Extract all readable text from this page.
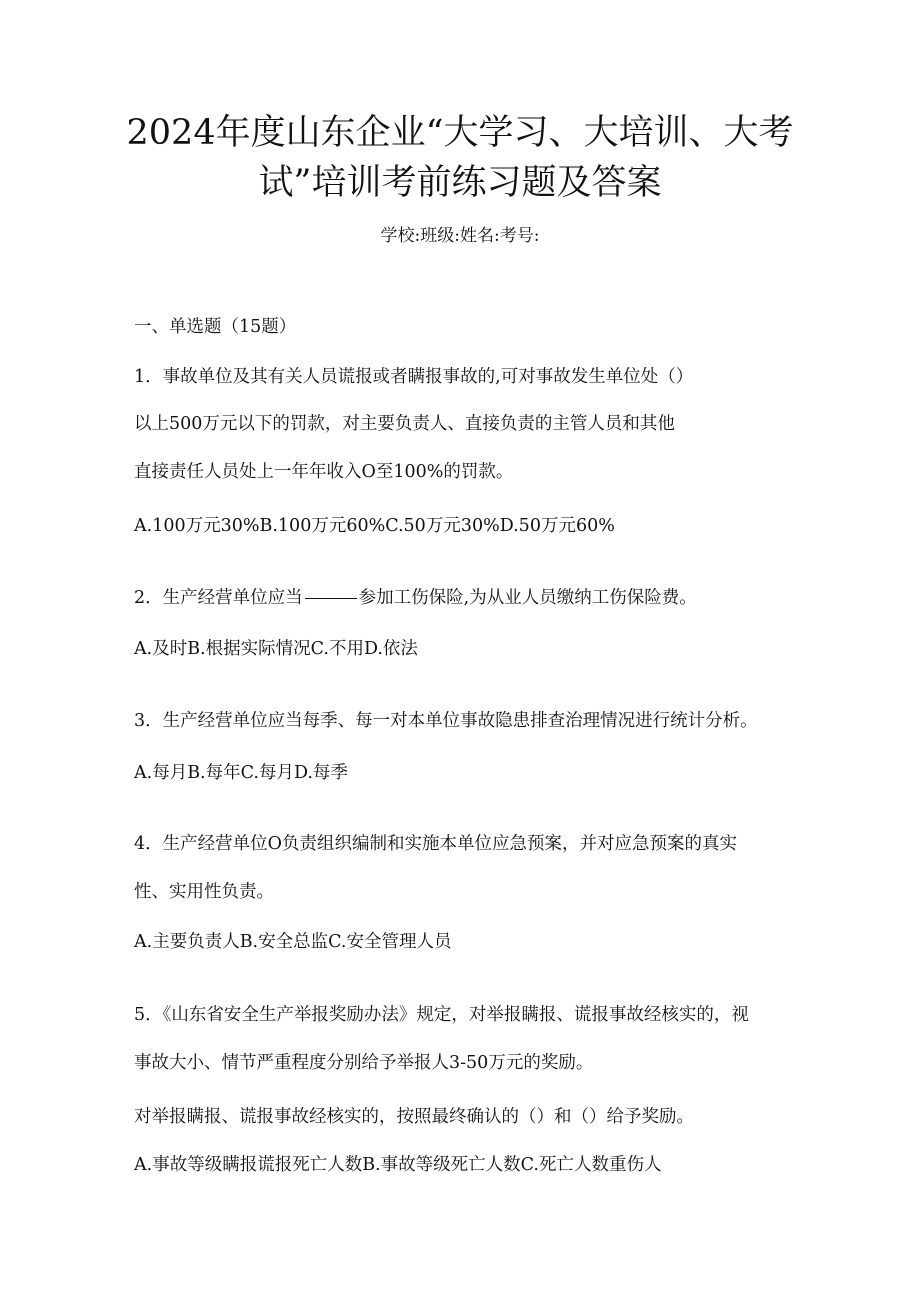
2024年度山东企业“大学习、大培训、大考
试”培训考前练习题及答案
学校:班级:姓名:考号:
一、单选题（15题）
1．事故单位及其有关人员谎报或者瞒报事故的,可对事故发生单位处（）
以上500万元以下的罚款，对主要负责人、直接负责的主管人员和其他
直接责任人员处上一年年收入O至100%的罚款。
A.100万元30%B.100万元60%C.50万元30%D.50万元60%
2．生产经营单位应当	参加工伤保险,为从业人员缴纳工伤保险费。
A.及时B.根据实际情况C.不用D.依法
3．生产经营单位应当每季、每一对本单位事故隐患排查治理情况进行统计分析。
A.每月B.每年C.每月D.每季
4．生产经营单位O负责组织编制和实施本单位应急预案，并对应急预案的真实
性、实用性负责。
A.主要负责人B.安全总监C.安全管理人员
5．《山东省安全生产举报奖励办法》规定，对举报瞒报、谎报事故经核实的，视
事故大小、情节严重程度分别给予举报人3-50万元的奖励。
对举报瞒报、谎报事故经核实的，按照最终确认的（）和（）给予奖励。
A.事故等级瞒报谎报死亡人数B.事故等级死亡人数C.死亡人数重伤人
